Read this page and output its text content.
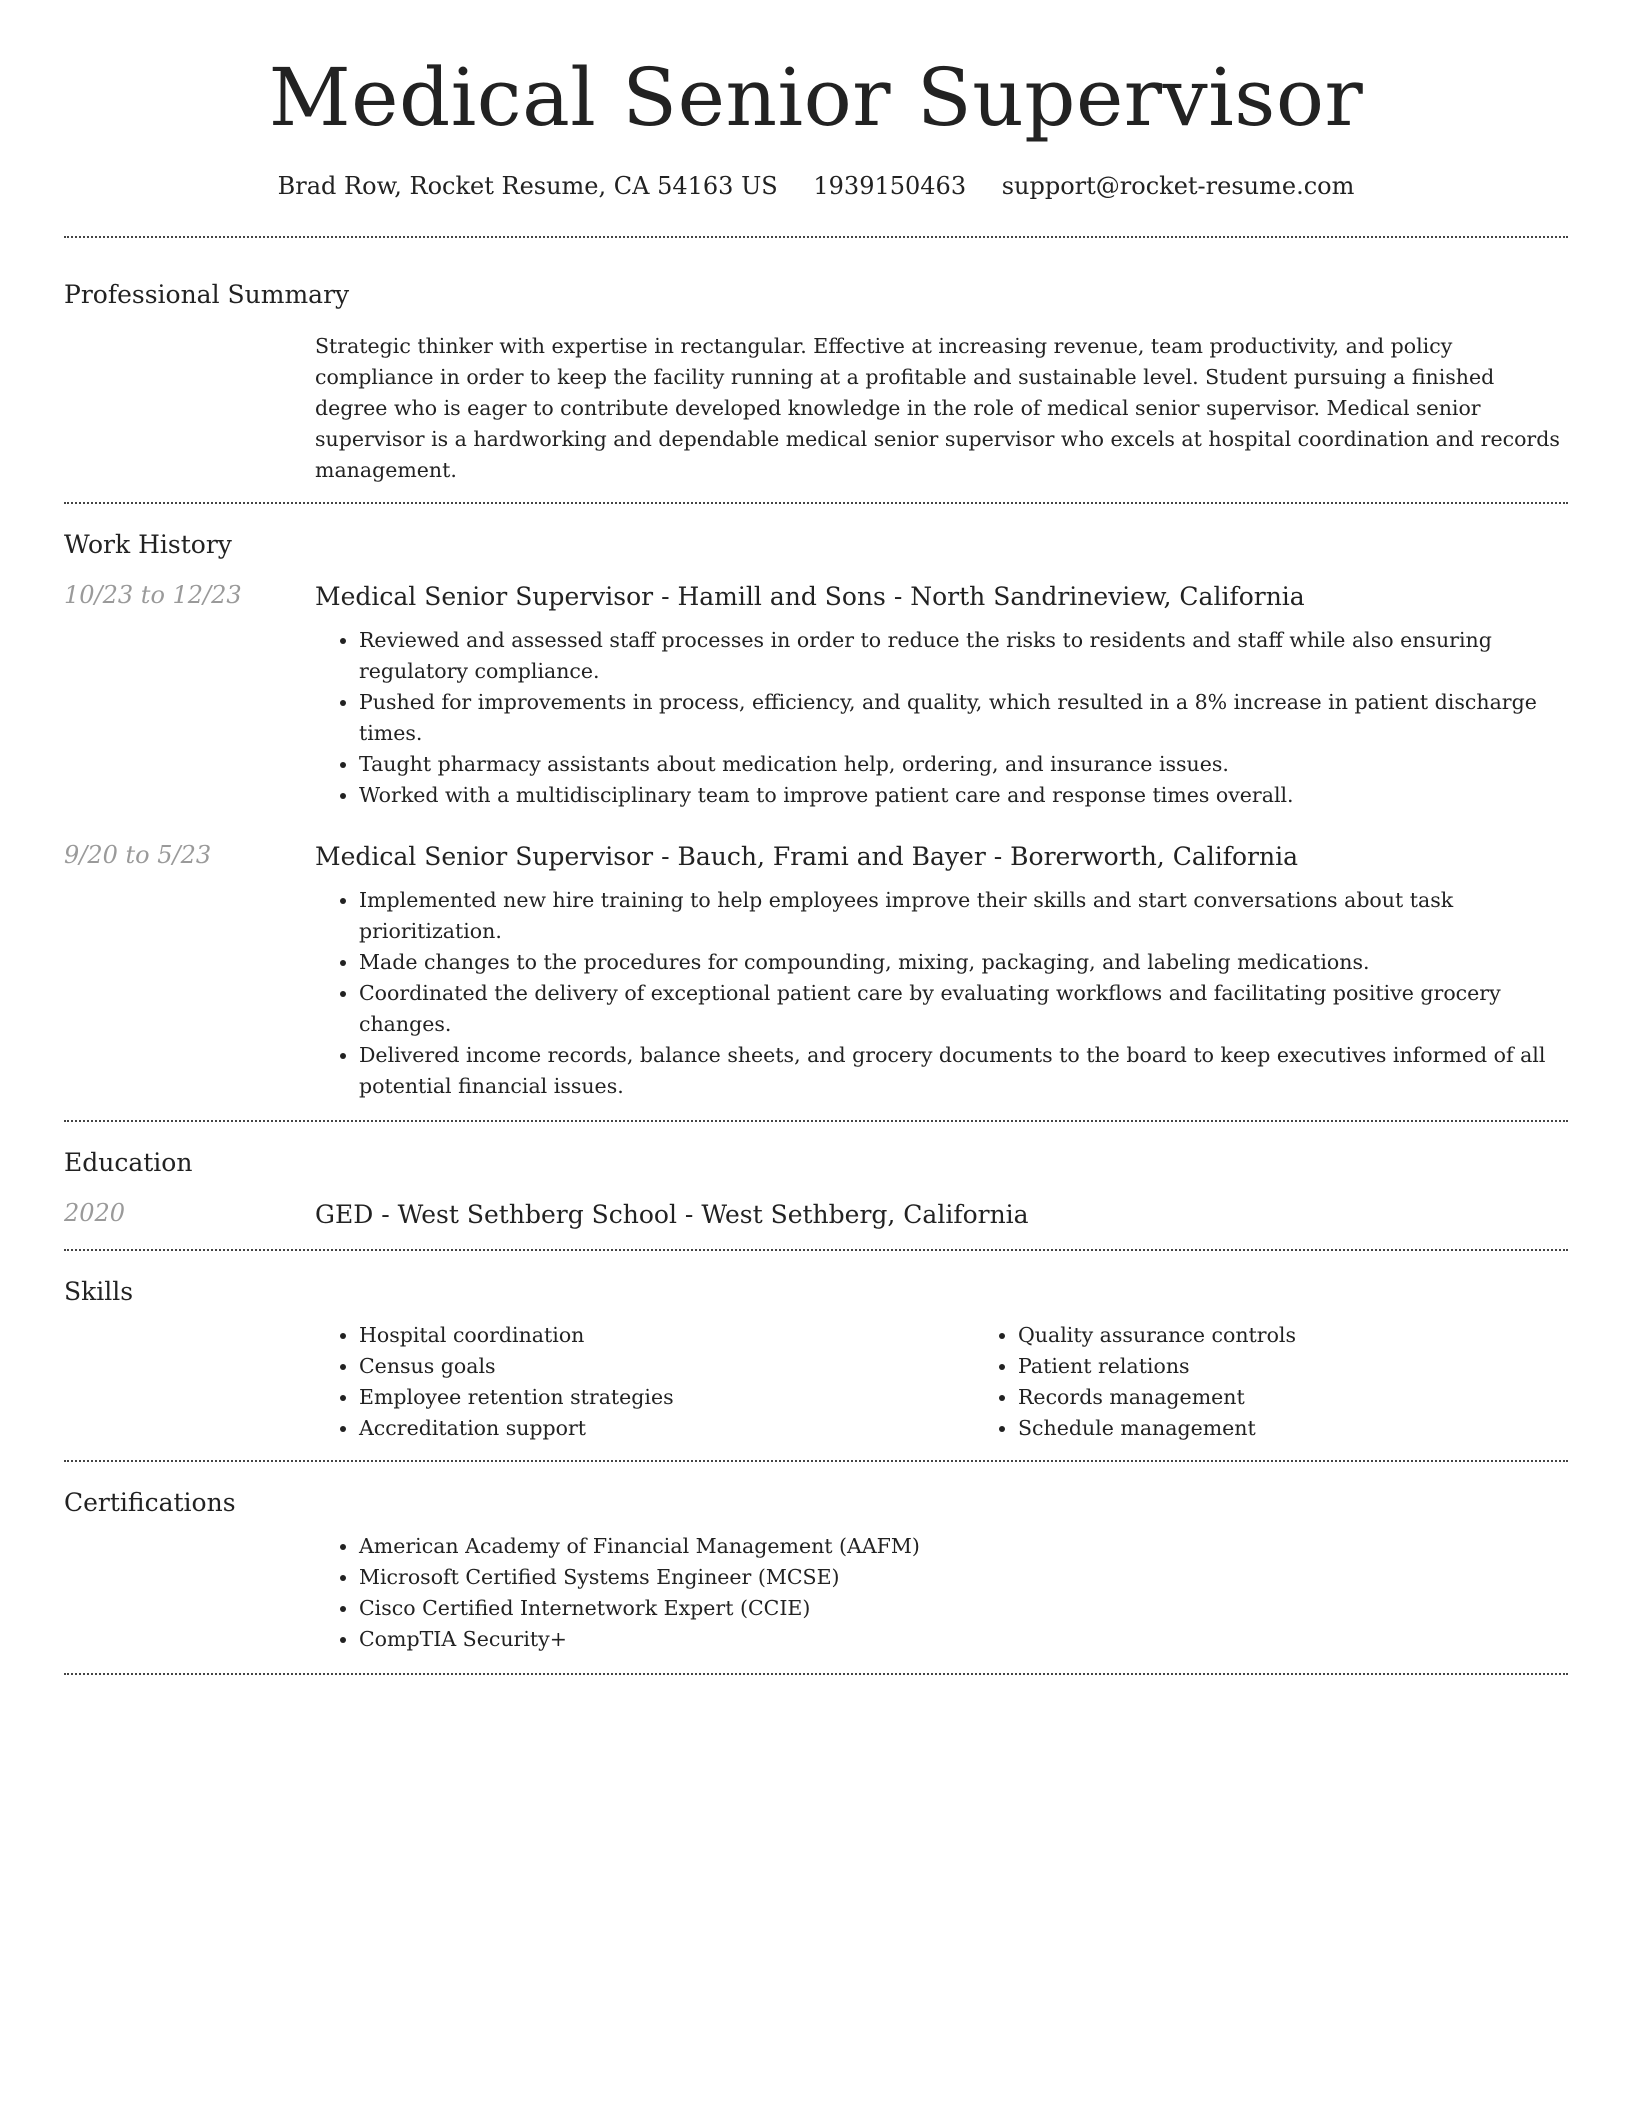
Medical Senior Supervisor
Brad Row, Rocket Resume, CA 54163 US 1939150463 support@rocket-resume.com
Professional Summary
Strategic thinker with expertise in rectangular. Effective at increasing revenue, team productivity, and policy compliance in order to keep the facility running at a profitable and sustainable level. Student pursuing a finished degree who is eager to contribute developed knowledge in the role of medical senior supervisor. Medical senior supervisor is a hardworking and dependable medical senior supervisor who excels at hospital coordination and records management.
Work History
10/23 to 12/23	Medical Senior Supervisor - Hamill and Sons - North Sandrineview, California
• Reviewed and assessed staff processes in order to reduce the risks to residents and staff while also ensuring regulatory compliance.
• Pushed for improvements in process, efficiency, and quality, which resulted in a 8% increase in patient discharge times.
• Taught pharmacy assistants about medication help, ordering, and insurance issues.
• Worked with a multidisciplinary team to improve patient care and response times overall.
9/20 to 5/23	Medical Senior Supervisor - Bauch, Frami and Bayer - Borerworth, California
• Implemented new hire training to help employees improve their skills and start conversations about task prioritization.
• Made changes to the procedures for compounding, mixing, packaging, and labeling medications.
• Coordinated the delivery of exceptional patient care by evaluating workflows and facilitating positive grocery changes.
• Delivered income records, balance sheets, and grocery documents to the board to keep executives informed of all potential financial issues.
Education
2020	GED - West Sethberg School - West Sethberg, California
Skills
• Hospital coordination
• Census goals
• Employee retention strategies
• Accreditation support
• Quality assurance controls
• Patient relations
• Records management
• Schedule management
Certifications
• American Academy of Financial Management (AAFM)
• Microsoft Certified Systems Engineer (MCSE)
• Cisco Certified Internetwork Expert (CCIE)
• CompTIA Security+
